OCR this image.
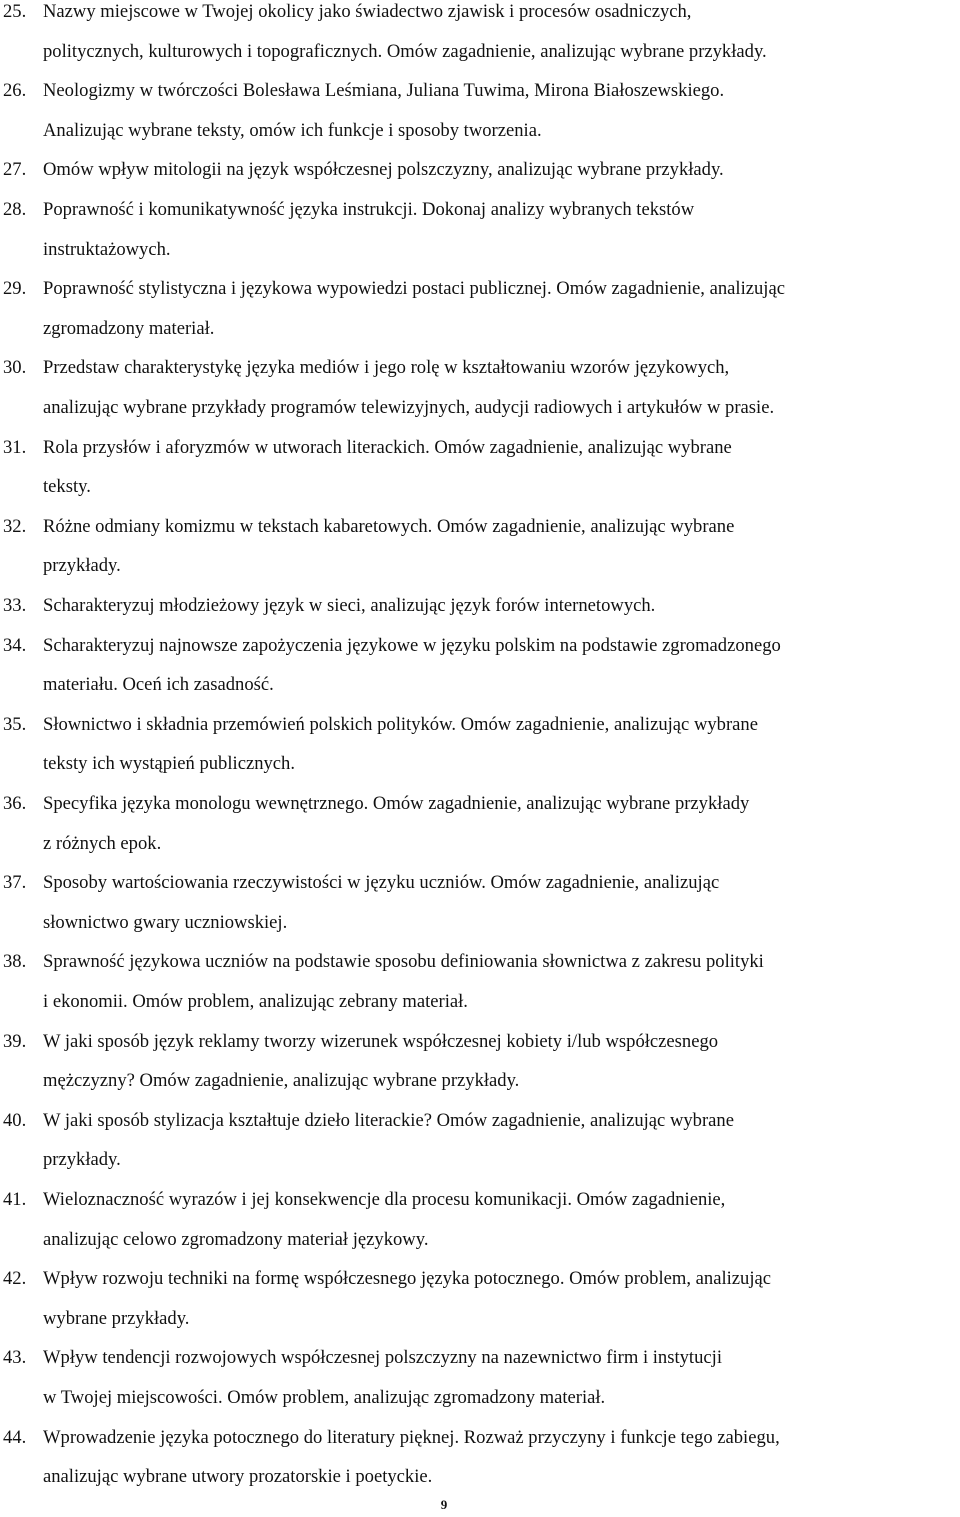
25. Nazwy miejscowe w Twojej okolicy jako świadectwo zjawisk i procesów osadniczych,
politycznych, kulturowych i topograficznych. Omów zagadnienie, analizując wybrane przykłady.
26. Neologizmy w twórczości Bolesława Leśmiana, Juliana Tuwima, Mirona Białoszewskiego.
Analizując wybrane teksty, omów ich funkcje i sposoby tworzenia.
27. Omów wpływ mitologii na język współczesnej polszczyzny, analizując wybrane przykłady.
28. Poprawność i komunikatywność języka instrukcji. Dokonaj analizy wybranych tekstów
instruktażowych.
29. Poprawność stylistyczna i językowa wypowiedzi postaci publicznej. Omów zagadnienie, analizując
zgromadzony materiał.
30. Przedstaw charakterystykę języka mediów i jego rolę w kształtowaniu wzorów językowych,
analizując wybrane przykłady programów telewizyjnych, audycji radiowych i artykułów w prasie.
31. Rola przysłów i aforyzmów w utworach literackich. Omów zagadnienie, analizując wybrane
teksty.
32. Różne odmiany komizmu w tekstach kabaretowych. Omów zagadnienie, analizując wybrane
przykłady.
33. Scharakteryzuj młodzieżowy język w sieci, analizując język forów internetowych.
34. Scharakteryzuj najnowsze zapożyczenia językowe w języku polskim na podstawie zgromadzonego
materiału. Oceń ich zasadność.
35. Słownictwo i składnia przemówień polskich polityków. Omów zagadnienie, analizując wybrane
teksty ich wystąpień publicznych.
36. Specyfika języka monologu wewnętrznego. Omów zagadnienie, analizując wybrane przykłady
z różnych epok.
37. Sposoby wartościowania rzeczywistości w języku uczniów. Omów zagadnienie, analizując
słownictwo gwary uczniowskiej.
38. Sprawność językowa uczniów na podstawie sposobu definiowania słownictwa z zakresu polityki
i ekonomii. Omów problem, analizując zebrany materiał.
39. W jaki sposób język reklamy tworzy wizerunek współczesnej kobiety i/lub współczesnego
mężczyzny? Omów zagadnienie, analizując wybrane przykłady.
40. W jaki sposób stylizacja kształtuje dzieło literackie? Omów zagadnienie, analizując wybrane
przykłady.
41. Wieloznaczność wyrazów i jej konsekwencje dla procesu komunikacji. Omów zagadnienie,
analizując celowo zgromadzony materiał językowy.
42. Wpływ rozwoju techniki na formę współczesnego języka potocznego. Omów problem, analizując
wybrane przykłady.
43. Wpływ tendencji rozwojowych współczesnej polszczyzny na nazewnictwo firm i instytucji
w Twojej miejscowości. Omów problem, analizując zgromadzony materiał.
44. Wprowadzenie języka potocznego do literatury pięknej. Rozważ przyczyny i funkcje tego zabiegu,
analizując wybrane utwory prozatorskie i poetyckie.
9
